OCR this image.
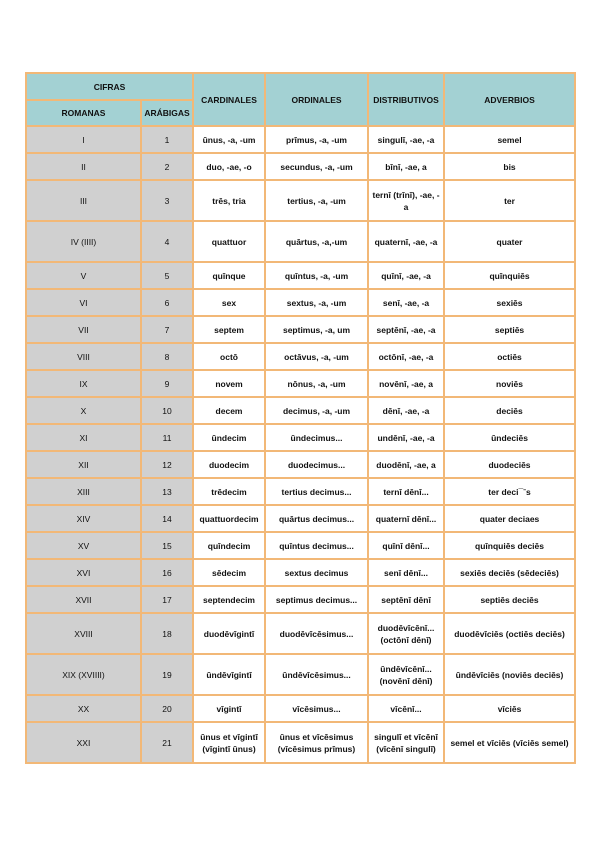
CIFRAS		CARDINALES	ORDINALES	DISTRIBUTIVOS	ADVERBIOS
ROMANAS	ARÁBIGAS				
I	1	ūnus, -a, -um	prīmus, -a, -um	singulī, -ae, -a	semel
II	2	duo, -ae, -o	secundus, -a, -um	bīnī, -ae, a	bis
III	3	trēs, tria	tertius, -a, -um	ternī (trīnī), -ae, -a	ter
IV (IIII)	4	quattuor	quārtus, -a,-um	quaternī, -ae, -a	quater
V	5	quīnque	quīntus, -a, -um	quīnī, -ae, -a	quīnquiēs
VI	6	sex	sextus, -a, -um	senī, -ae, -a	sexiēs
VII	7	septem	septimus, -a, um	septēnī, -ae, -a	septiēs
VIII	8	octō	octāvus, -a, -um	octōnī, -ae, -a	octiēs
IX	9	novem	nōnus, -a, -um	novēnī, -ae, a	noviēs
X	10	decem	decimus, -a, -um	dēnī, -ae, -a	deciēs
XI	11	ūndecim	ūndecimus...	undēnī, -ae, -a	ūndeciēs
XII	12	duodecim	duodecimus...	duodēnī, -ae, a	duodeciēs
XIII	13	trēdecim	tertius decimus...	ternī dēnī...	ter deci¯ˉs
XIV	14	quattuordecim	quārtus decimus...	quaternī dēnī...	quater deciaes
XV	15	quīndecim	quīntus decimus...	quīnī dēnī...	quīnquiēs deciēs
XVI	16	sēdecim	sextus decimus	senī dēnī...	sexiēs deciēs (sēdeciēs)
XVII	17	septendecim	septimus decimus...	septēnī dēnī	septiēs deciēs
XVIII	18	duodēvīgintī	duodēvīcēsimus...	duodēvīcēnī... (octōnī dēnī)	duodēvīciēs (octiēs deciēs)
XIX (XVIIII)	19	ūndēvīgintī	ūndēvīcēsimus...	ūndēvīcēnī... (novēnī dēnī)	ūndēvīciēs (noviēs deciēs)
XX	20	vīgintī	vīcēsimus...	vīcēnī...	vīciēs
XXI	21	ūnus et vīgintī (vīgintī ūnus)	ūnus et vīcēsimus (vīcēsimus prīmus)	singulī et vīcēnī (vīcēnī singulī)	semel et vīciēs (vīciēs semel)
